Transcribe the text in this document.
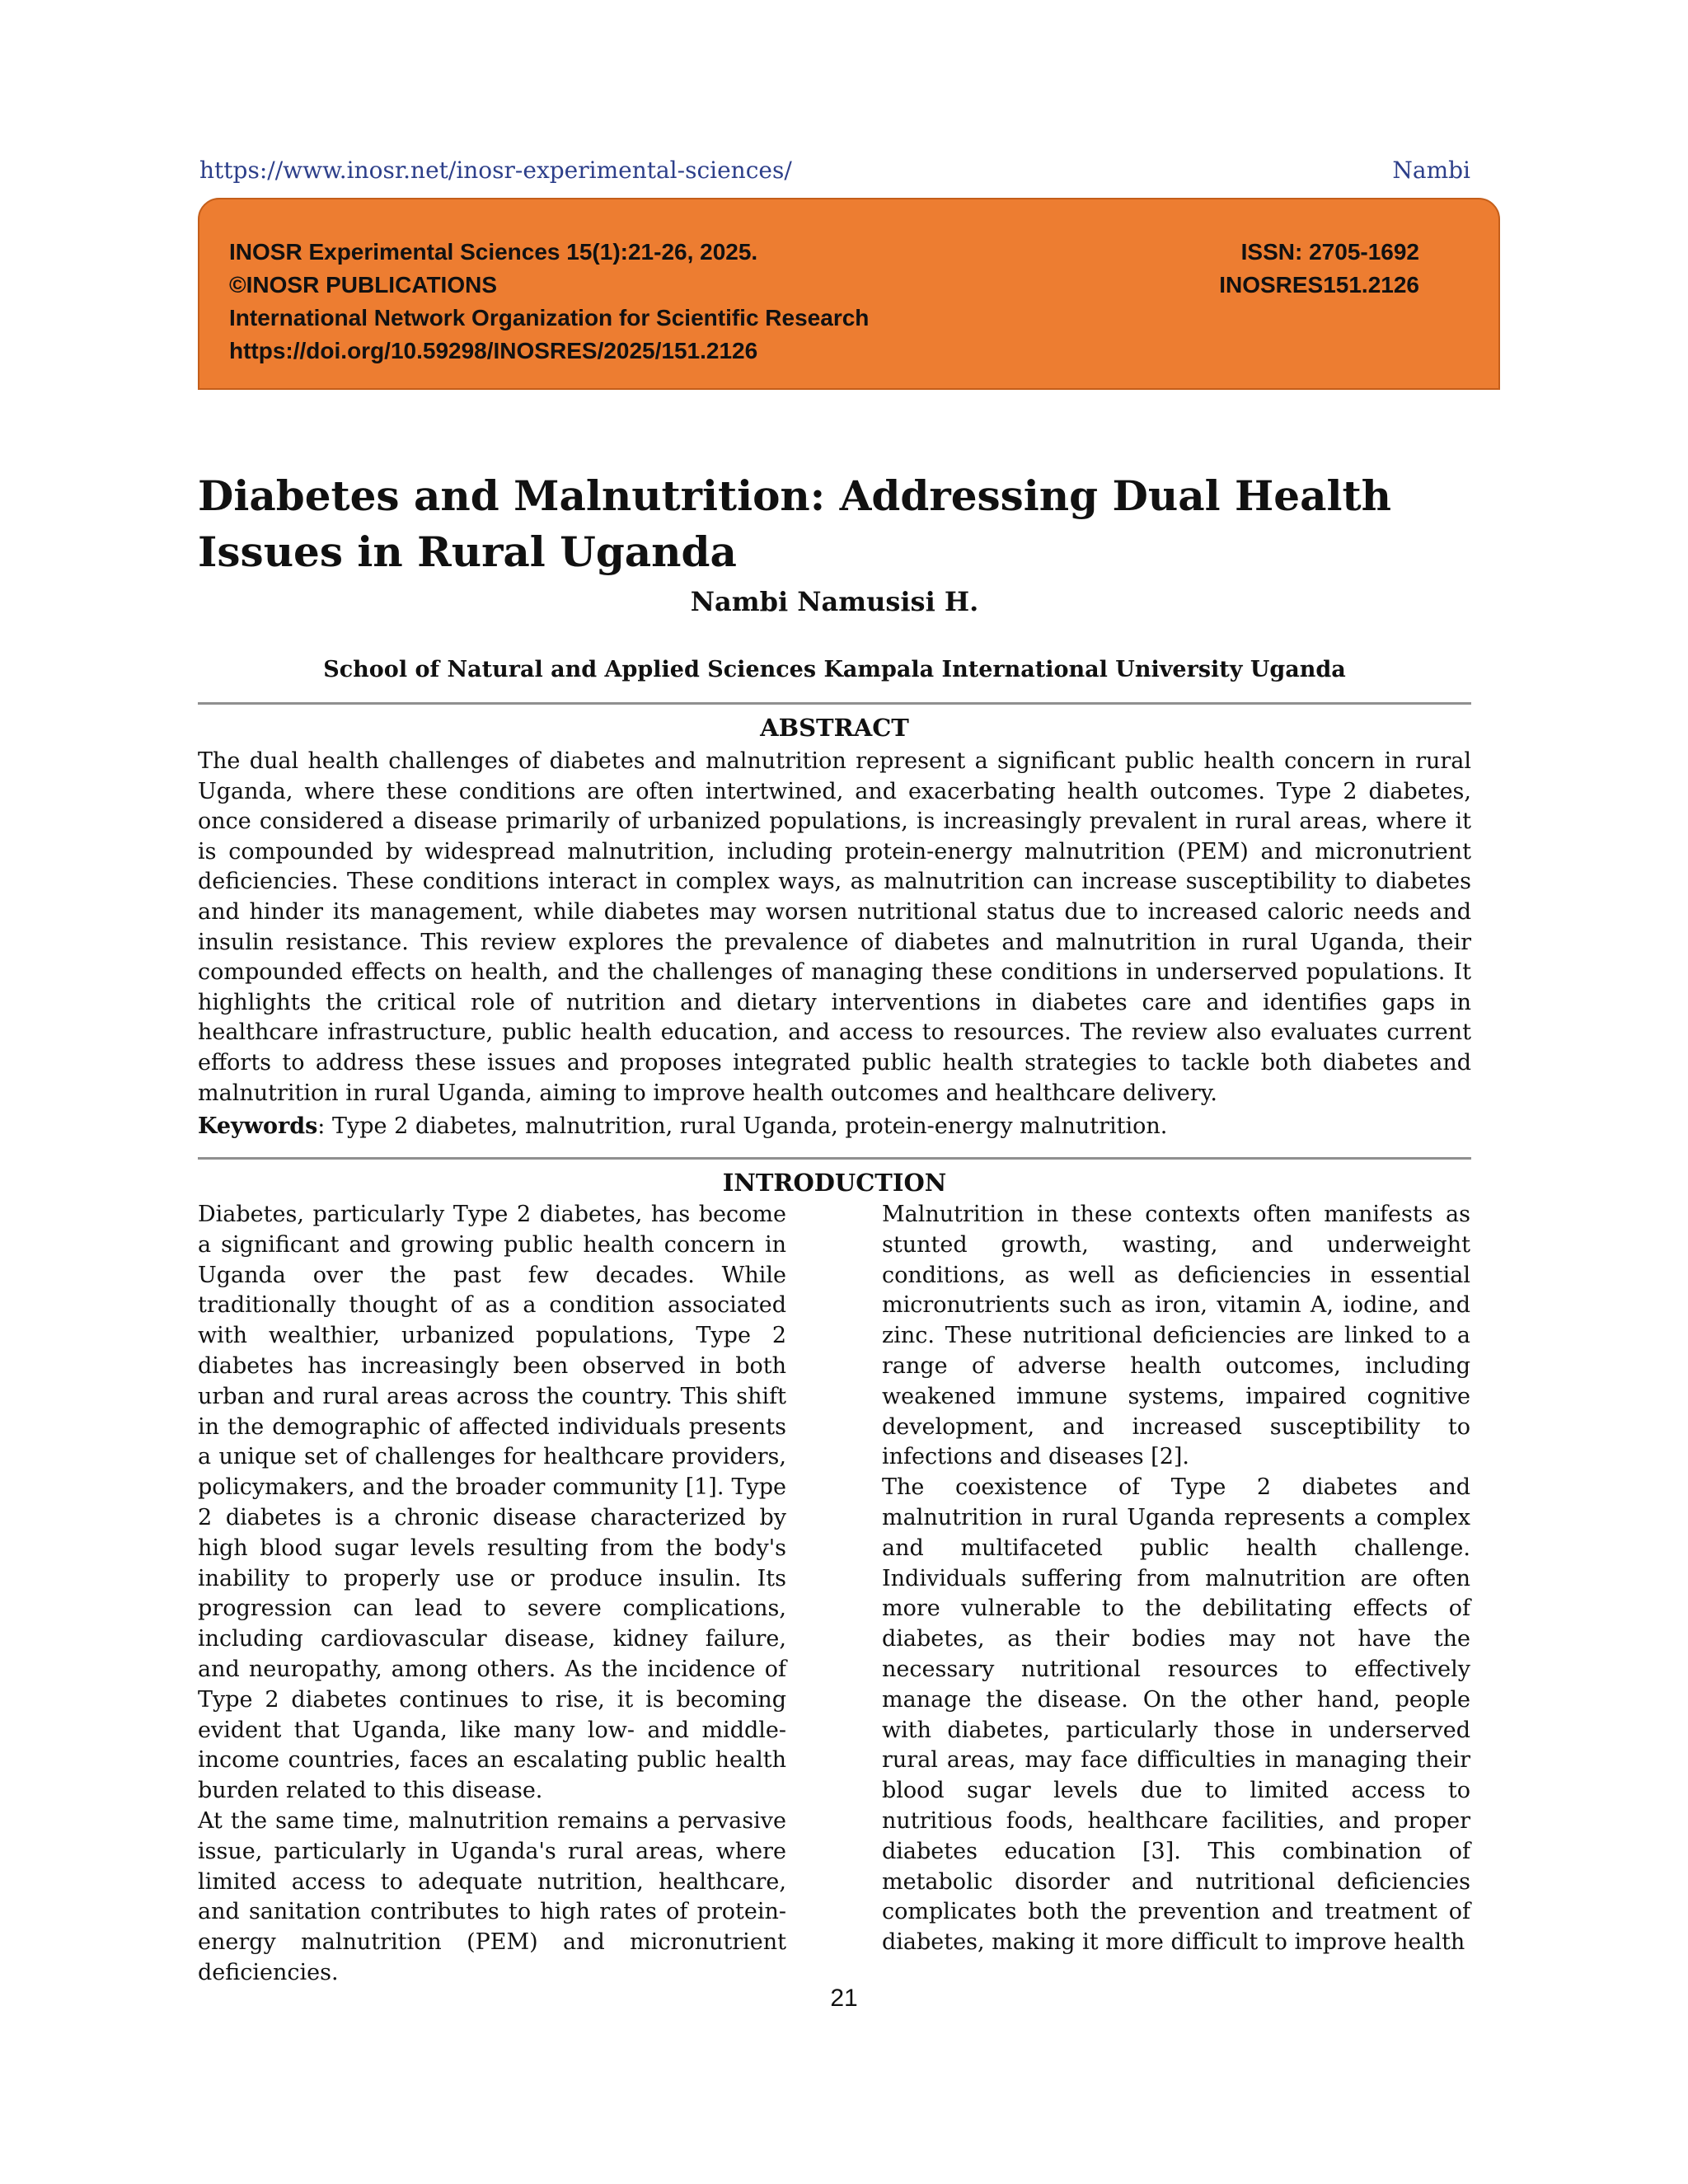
https://www.inosr.net/inosr-experimental-sciences/	Nambi
INOSR Experimental Sciences 15(1):21-26, 2025.
©INOSR PUBLICATIONS
International Network Organization for Scientific Research
https://doi.org/10.59298/INOSRES/2025/151.2126
ISSN: 2705-1692
INOSRES151.2126
Diabetes and Malnutrition: Addressing Dual Health Issues in Rural Uganda
Nambi Namusisi H.
School of Natural and Applied Sciences Kampala International University Uganda
ABSTRACT

The dual health challenges of diabetes and malnutrition represent a significant public health concern in rural Uganda, where these conditions are often intertwined, and exacerbating health outcomes. Type 2 diabetes, once considered a disease primarily of urbanized populations, is increasingly prevalent in rural areas, where it is compounded by widespread malnutrition, including protein-energy malnutrition (PEM) and micronutrient deficiencies. These conditions interact in complex ways, as malnutrition can increase susceptibility to diabetes and hinder its management, while diabetes may worsen nutritional status due to increased caloric needs and insulin resistance. This review explores the prevalence of diabetes and malnutrition in rural Uganda, their compounded effects on health, and the challenges of managing these conditions in underserved populations. It highlights the critical role of nutrition and dietary interventions in diabetes care and identifies gaps in healthcare infrastructure, public health education, and access to resources. The review also evaluates current efforts to address these issues and proposes integrated public health strategies to tackle both diabetes and malnutrition in rural Uganda, aiming to improve health outcomes and healthcare delivery.

Keywords: Type 2 diabetes, malnutrition, rural Uganda, protein-energy malnutrition.

INTRODUCTION

Diabetes, particularly Type 2 diabetes, has become a significant and growing public health concern in Uganda over the past few decades. While traditionally thought of as a condition associated with wealthier, urbanized populations, Type 2 diabetes has increasingly been observed in both urban and rural areas across the country. This shift in the demographic of affected individuals presents a unique set of challenges for healthcare providers, policymakers, and the broader community [1]. Type 2 diabetes is a chronic disease characterized by high blood sugar levels resulting from the body's inability to properly use or produce insulin. Its progression can lead to severe complications, including cardiovascular disease, kidney failure, and neuropathy, among others. As the incidence of Type 2 diabetes continues to rise, it is becoming evident that Uganda, like many low- and middle-income countries, faces an escalating public health burden related to this disease.

At the same time, malnutrition remains a pervasive issue, particularly in Uganda's rural areas, where limited access to adequate nutrition, healthcare, and sanitation contributes to high rates of protein-energy malnutrition (PEM) and micronutrient deficiencies.

Malnutrition in these contexts often manifests as stunted growth, wasting, and underweight conditions, as well as deficiencies in essential micronutrients such as iron, vitamin A, iodine, and zinc. These nutritional deficiencies are linked to a range of adverse health outcomes, including weakened immune systems, impaired cognitive development, and increased susceptibility to infections and diseases [2].

The coexistence of Type 2 diabetes and malnutrition in rural Uganda represents a complex and multifaceted public health challenge. Individuals suffering from malnutrition are often more vulnerable to the debilitating effects of diabetes, as their bodies may not have the necessary nutritional resources to effectively manage the disease. On the other hand, people with diabetes, particularly those in underserved rural areas, may face difficulties in managing their blood sugar levels due to limited access to nutritious foods, healthcare facilities, and proper diabetes education [3]. This combination of metabolic disorder and nutritional deficiencies complicates both the prevention and treatment of diabetes, making it more difficult to improve health

21
